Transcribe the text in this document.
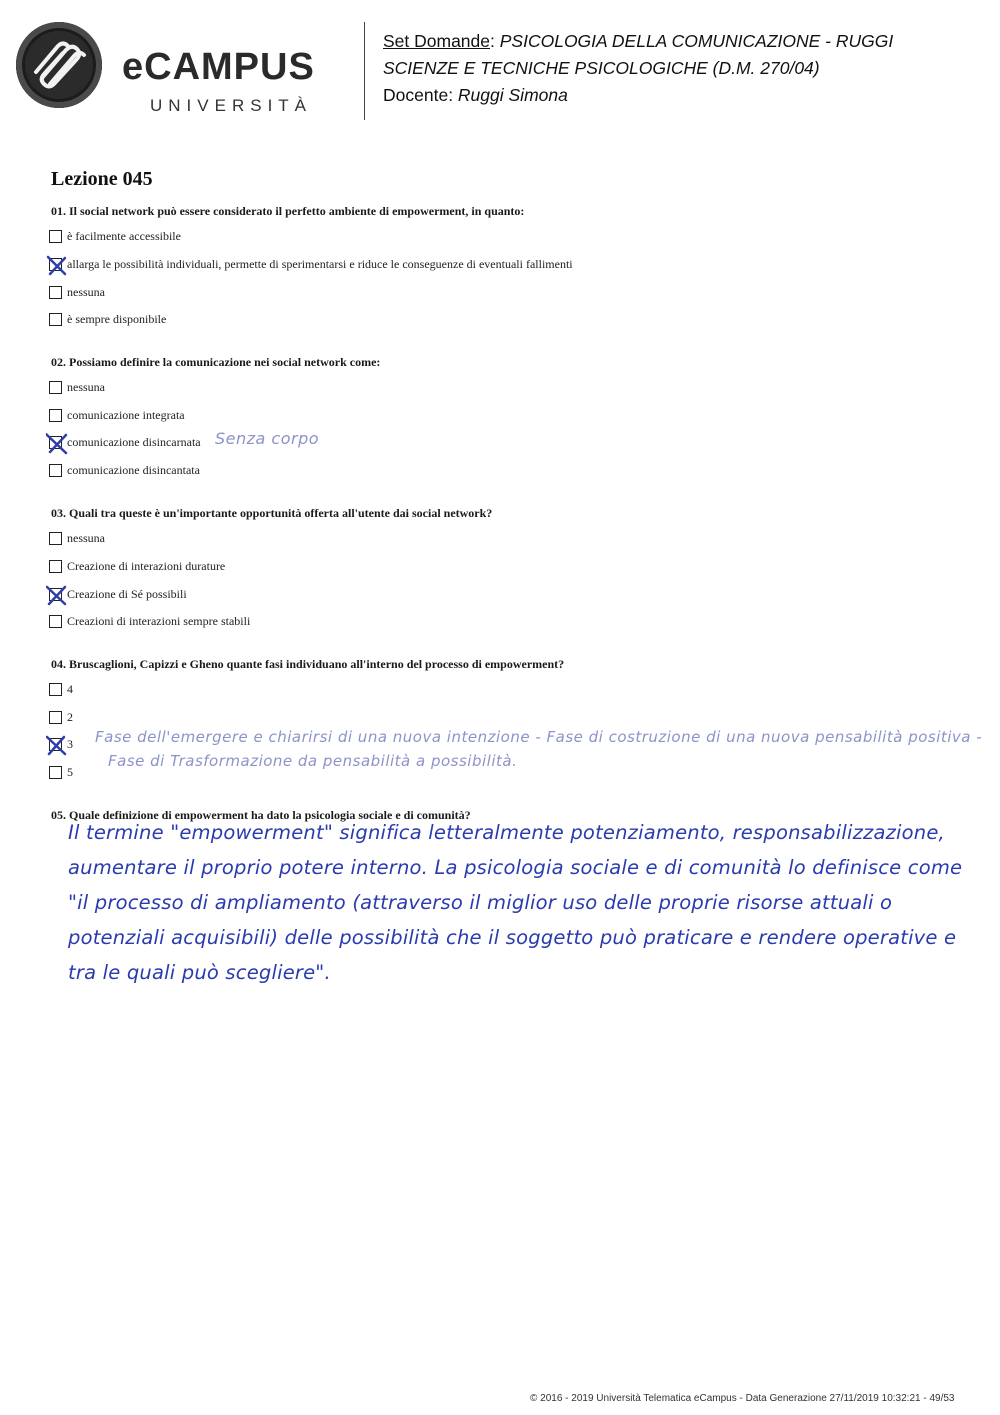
eCAMPUS
UNIVERSITÀ
Set Domande: PSICOLOGIA DELLA COMUNICAZIONE - RUGGI
SCIENZE E TECNICHE PSICOLOGICHE (D.M. 270/04)
Docente: Ruggi Simona
Lezione 045
01. Il social network può essere considerato il perfetto ambiente di empowerment, in quanto:
è facilmente accessibile
allarga le possibilità individuali, permette di sperimentarsi e riduce le conseguenze di eventuali fallimenti
nessuna
è sempre disponibile
02. Possiamo definire la comunicazione nei social network come:
nessuna
comunicazione integrata
comunicazione disincarnata
comunicazione disincantata
Senza corpo
03. Quali tra queste è un'importante opportunità offerta all'utente dai social network?
nessuna
Creazione di interazioni durature
Creazione di Sé possibili
Creazioni di interazioni sempre stabili
04. Bruscaglioni, Capizzi e Gheno quante fasi individuano all'interno del processo di empowerment?
4
2
3
5
Fase dell'emergere e chiarirsi di una nuova intenzione - Fase di costruzione di una nuova pensabilità positiva -
Fase di Trasformazione da pensabilità a possibilità.
05. Quale definizione di empowerment ha dato la psicologia sociale e di comunità?
Il termine "empowerment" significa letteralmente potenziamento, responsabilizzazione, aumentare il proprio potere interno. La psicologia sociale e di comunità lo definisce come "il processo di ampliamento (attraverso il miglior uso delle proprie risorse attuali o potenziali acquisibili) delle possibilità che il soggetto può praticare e rendere operative e tra le quali può scegliere".
© 2016 - 2019 Università Telematica eCampus - Data Generazione 27/11/2019 10:32:21 - 49/53
